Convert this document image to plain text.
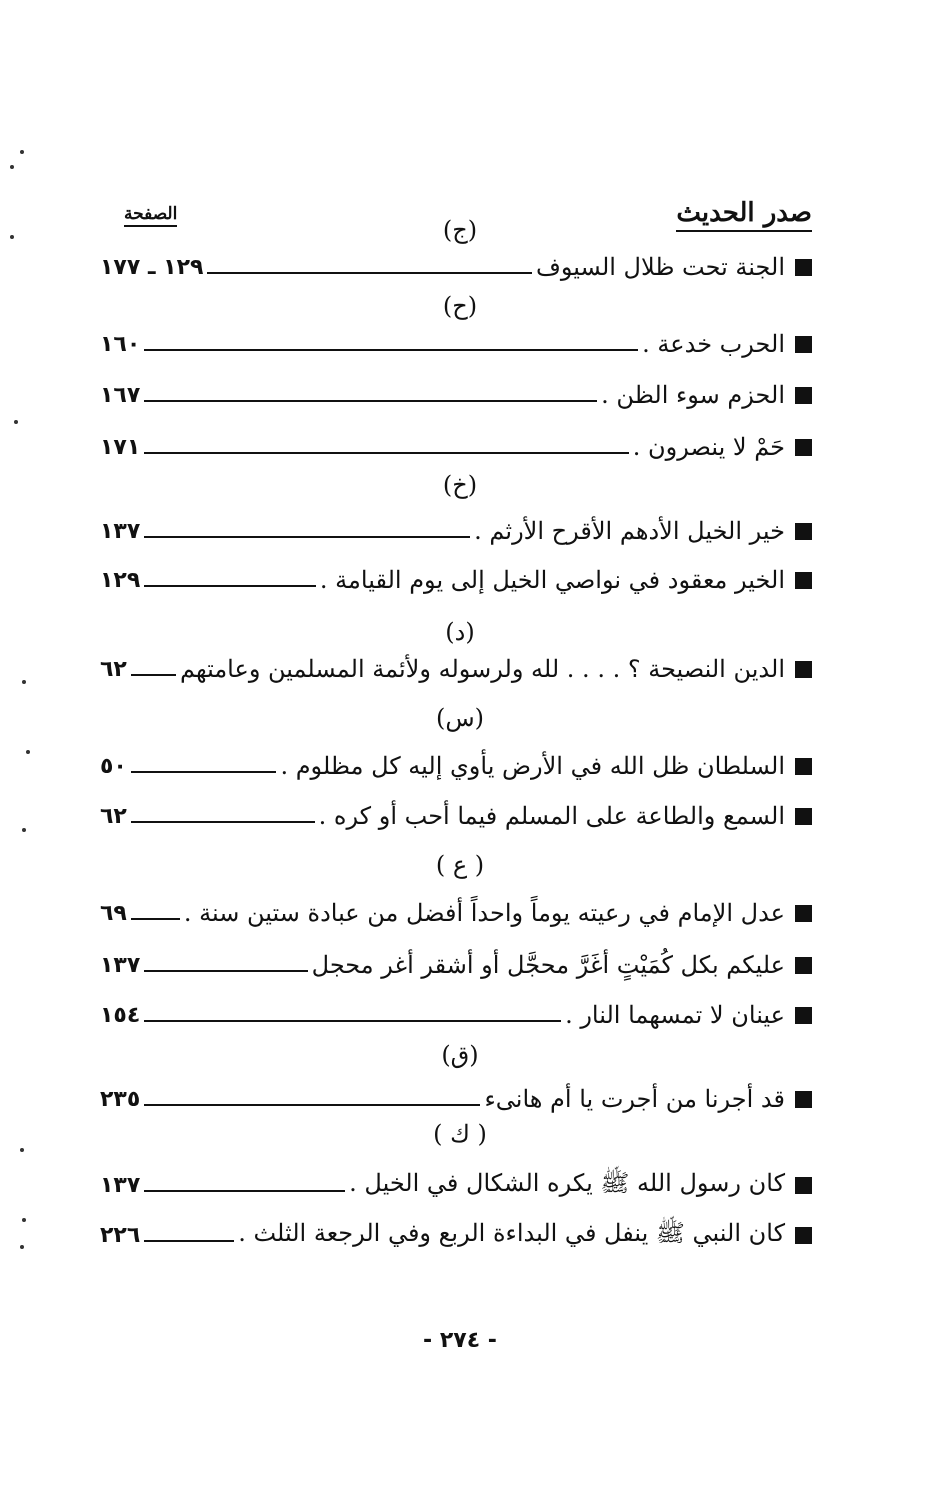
صدر الحديث
الصفحة
(ج)
الجنة تحت ظلال السيوف
١٢٩ ـ ١٧٧
(ح)
الحرب خدعة .
١٦٠
الحزم سوء الظن .
١٦٧
حَمْ لا ينصرون .
١٧١
(خ)
خير الخيل الأدهم الأقرح الأرثم .
١٣٧
الخير معقود في نواصي الخيل إلى يوم القيامة .
١٢٩
(د)
الدين النصيحة ؟ . . . . لله ولرسوله ولأئمة المسلمين وعامتهم
٦٢
(س)
السلطان ظل الله في الأرض يأوي إليه كل مظلوم .
٥٠
السمع والطاعة على المسلم فيما أحب أو كره .
٦٢
( ع )
عدل الإمام في رعيته يوماً واحداً أفضل من عبادة ستين سنة .
٦٩
عليكم بكل كُمَيْتٍ أغَرَّ محجَّل أو أشقر أغر محجل
١٣٧
عينان لا تمسهما النار .
١٥٤
(ق)
قد أجرنا من أجرت يا أم هانىء
٢٣٥
( ك )
كان رسول الله ﷺ يكره الشكال في الخيل .
١٣٧
كان النبي ﷺ ينفل في البداءة الربع وفي الرجعة الثلث .
٢٢٦
- ٢٧٤ -
